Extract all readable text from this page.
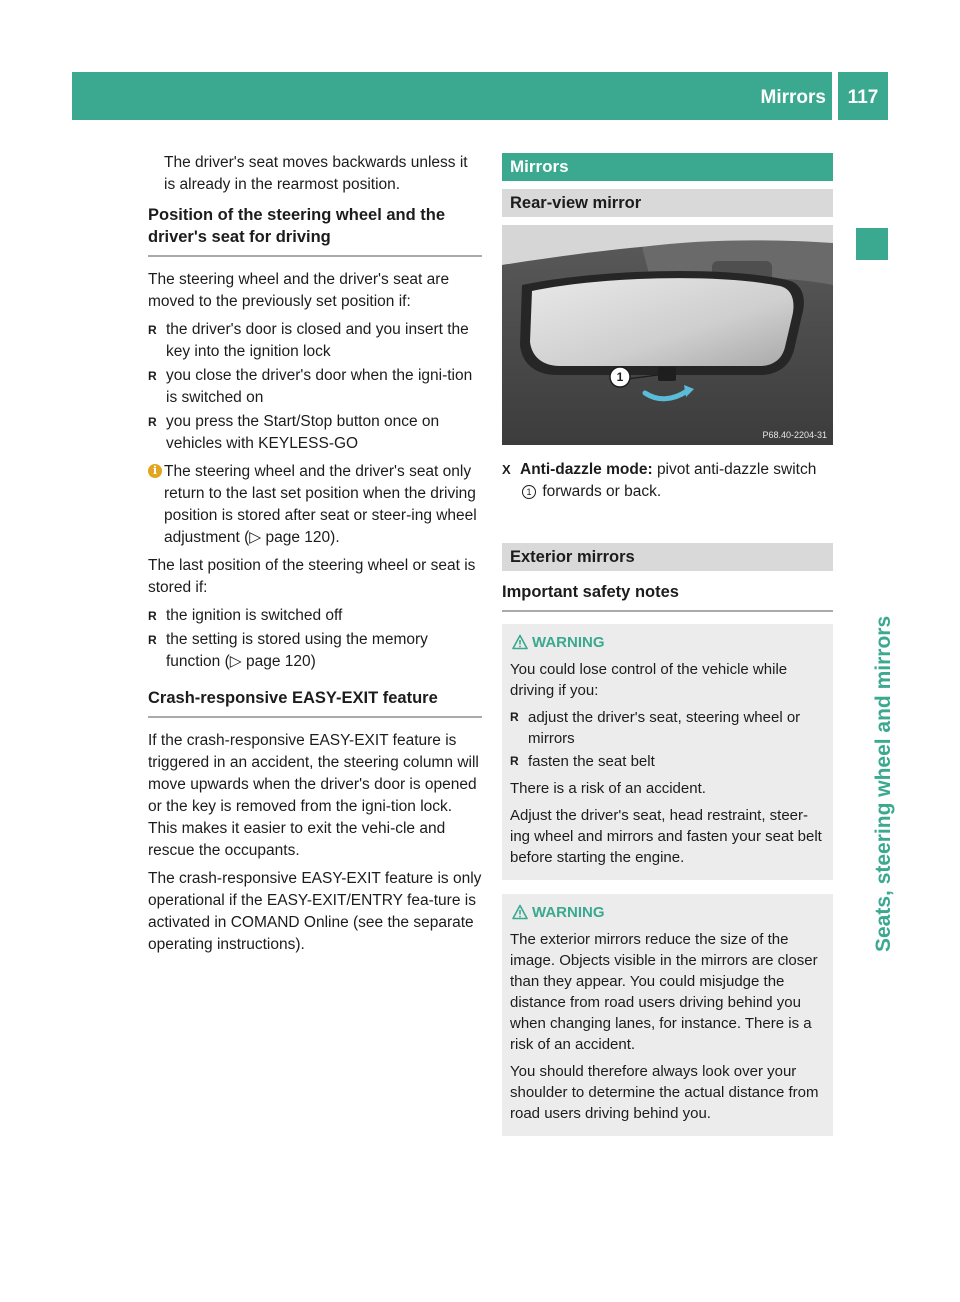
Mirrors	117
Seats, steering wheel and mirrors

The driver's seat moves backwards unless it is already in the rearmost position.

Position of the steering wheel and the driver's seat for driving

The steering wheel and the driver's seat are moved to the previously set position if:

R the driver's door is closed and you insert the key into the ignition lock
R you close the driver's door when the igni-tion is switched on
R you press the Start/Stop button once on vehicles with KEYLESS-GO
i The steering wheel and the driver's seat only return to the last set position when the driving position is stored after seat or steer-ing wheel adjustment (▷ page 120).

The last position of the steering wheel or seat is stored if:

R the ignition is switched off
R the setting is stored using the memory function (▷ page 120)
Crash-responsive EASY-EXIT feature

If the crash-responsive EASY-EXIT feature is triggered in an accident, the steering column will move upwards when the driver's door is opened or the key is removed from the igni-tion lock. This makes it easier to exit the vehi-cle and rescue the occupants.

The crash-responsive EASY-EXIT feature is only operational if the EASY-EXIT/ENTRY fea-ture is activated in COMAND Online (see the separate operating instructions).

Mirrors
Rear-view mirror
1
P68.40-2204-31
X Anti-dazzle mode: pivot anti-dazzle switch 1 forwards or back.
Exterior mirrors
Important safety notes
WARNING

You could lose control of the vehicle while driving if you:

R adjust the driver's seat, steering wheel or mirrors
R fasten the seat belt

There is a risk of an accident.

Adjust the driver's seat, head restraint, steer-ing wheel and mirrors and fasten your seat belt before starting the engine.

WARNING

The exterior mirrors reduce the size of the image. Objects visible in the mirrors are closer than they appear. You could misjudge the distance from road users driving behind you when changing lanes, for instance. There is a risk of an accident.

You should therefore always look over your shoulder to determine the actual distance from road users driving behind you.
